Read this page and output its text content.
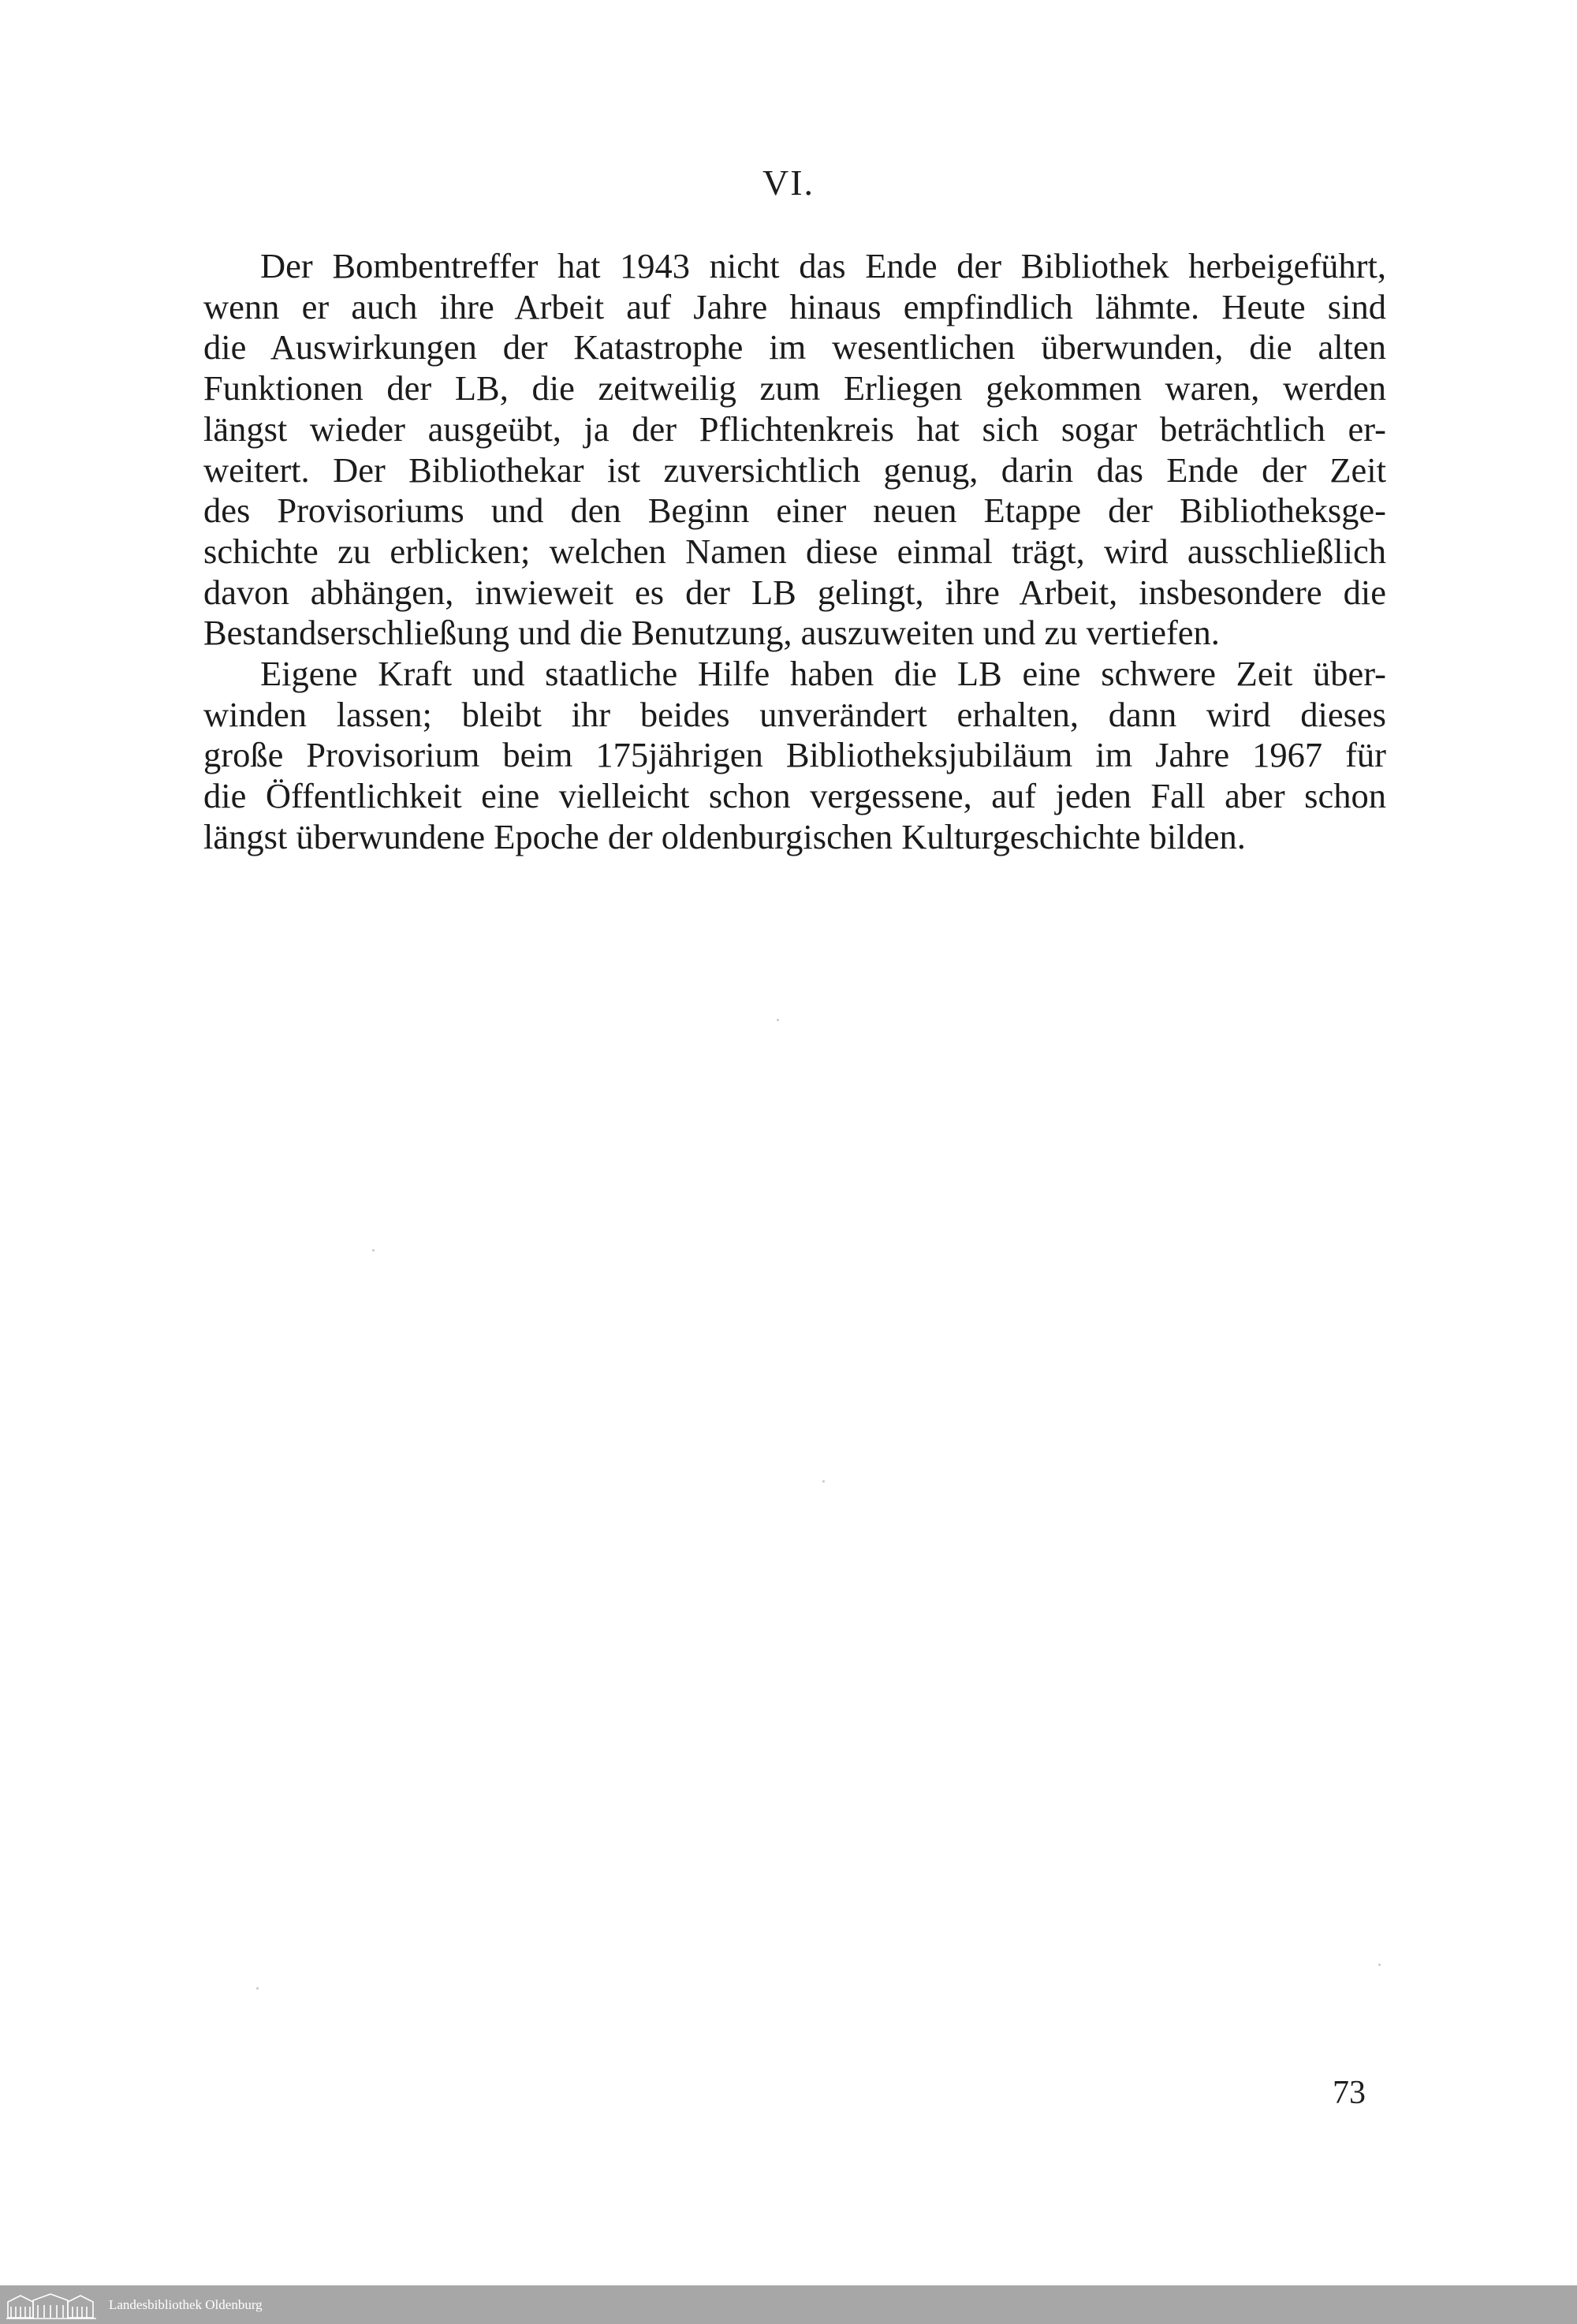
VI.

Der Bombentreffer hat 1943 nicht das Ende der Bibliothek herbeigeführt,
wenn er auch ihre Arbeit auf Jahre hinaus empfindlich lähmte. Heute sind
die Auswirkungen der Katastrophe im wesentlichen überwunden, die alten
Funktionen der LB, die zeitweilig zum Erliegen gekommen waren, werden
längst wieder ausgeübt, ja der Pflichtenkreis hat sich sogar beträchtlich er-
weitert. Der Bibliothekar ist zuversichtlich genug, darin das Ende der Zeit
des Provisoriums und den Beginn einer neuen Etappe der Bibliotheksge-
schichte zu erblicken; welchen Namen diese einmal trägt, wird ausschließlich
davon abhängen, inwieweit es der LB gelingt, ihre Arbeit, insbesondere die
Bestandserschließung und die Benutzung, auszuweiten und zu vertiefen.

Eigene Kraft und staatliche Hilfe haben die LB eine schwere Zeit über-
winden lassen; bleibt ihr beides unverändert erhalten, dann wird dieses
große Provisorium beim 175jährigen Bibliotheksjubiläum im Jahre 1967 für
die Öffentlichkeit eine vielleicht schon vergessene, auf jeden Fall aber schon
längst überwundene Epoche der oldenburgischen Kulturgeschichte bilden.

73
Landesbibliothek Oldenburg
